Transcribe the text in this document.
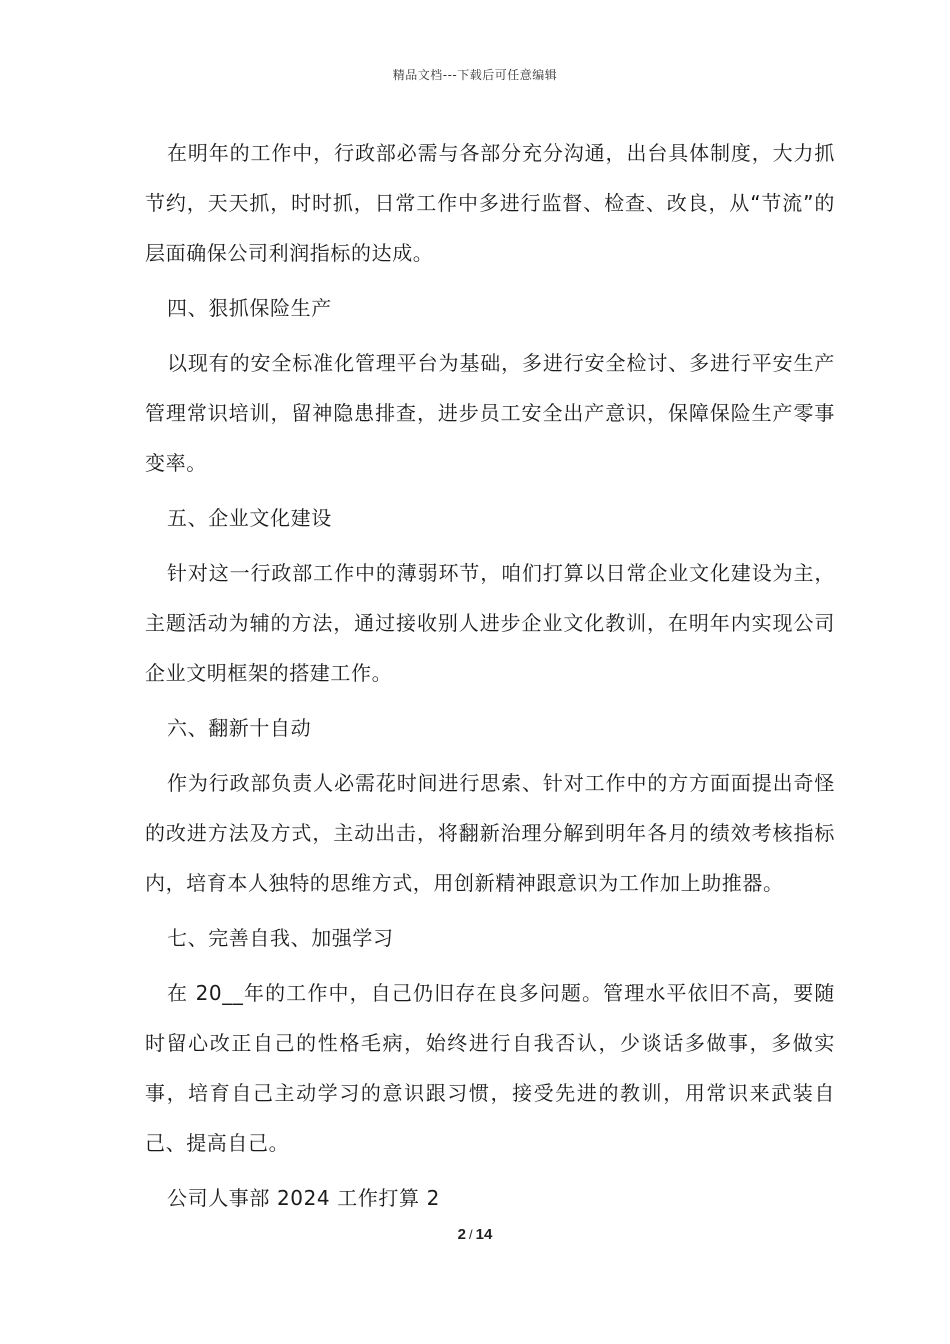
精品文档---下载后可任意编辑

在明年的工作中，行政部必需与各部分充分沟通，出台具体制度，大力抓节约，天天抓，时时抓，日常工作中多进行监督、检查、改良，从“节流”的层面确保公司利润指标的达成。

四、狠抓保险生产

以现有的安全标准化管理平台为基础，多进行安全检讨、多进行平安生产管理常识培训，留神隐患排查，进步员工安全出产意识，保障保险生产零事变率。

五、企业文化建设

针对这一行政部工作中的薄弱环节，咱们打算以日常企业文化建设为主，主题活动为辅的方法，通过接收别人进步企业文化教训，在明年内实现公司企业文明框架的搭建工作。

六、翻新十自动

作为行政部负责人必需花时间进行思索、针对工作中的方方面面提出奇怪的改进方法及方式，主动出击，将翻新治理分解到明年各月的绩效考核指标内，培育本人独特的思维方式，用创新精神跟意识为工作加上助推器。

七、完善自我、加强学习

在 20__年的工作中，自己仍旧存在良多问题。管理水平依旧不高，要随时留心改正自己的性格毛病，始终进行自我否认，少谈话多做事，多做实事，培育自己主动学习的意识跟习惯，接受先进的教训，用常识来武装自己、提高自己。

公司人事部 2024 工作打算 2

2 / 14
